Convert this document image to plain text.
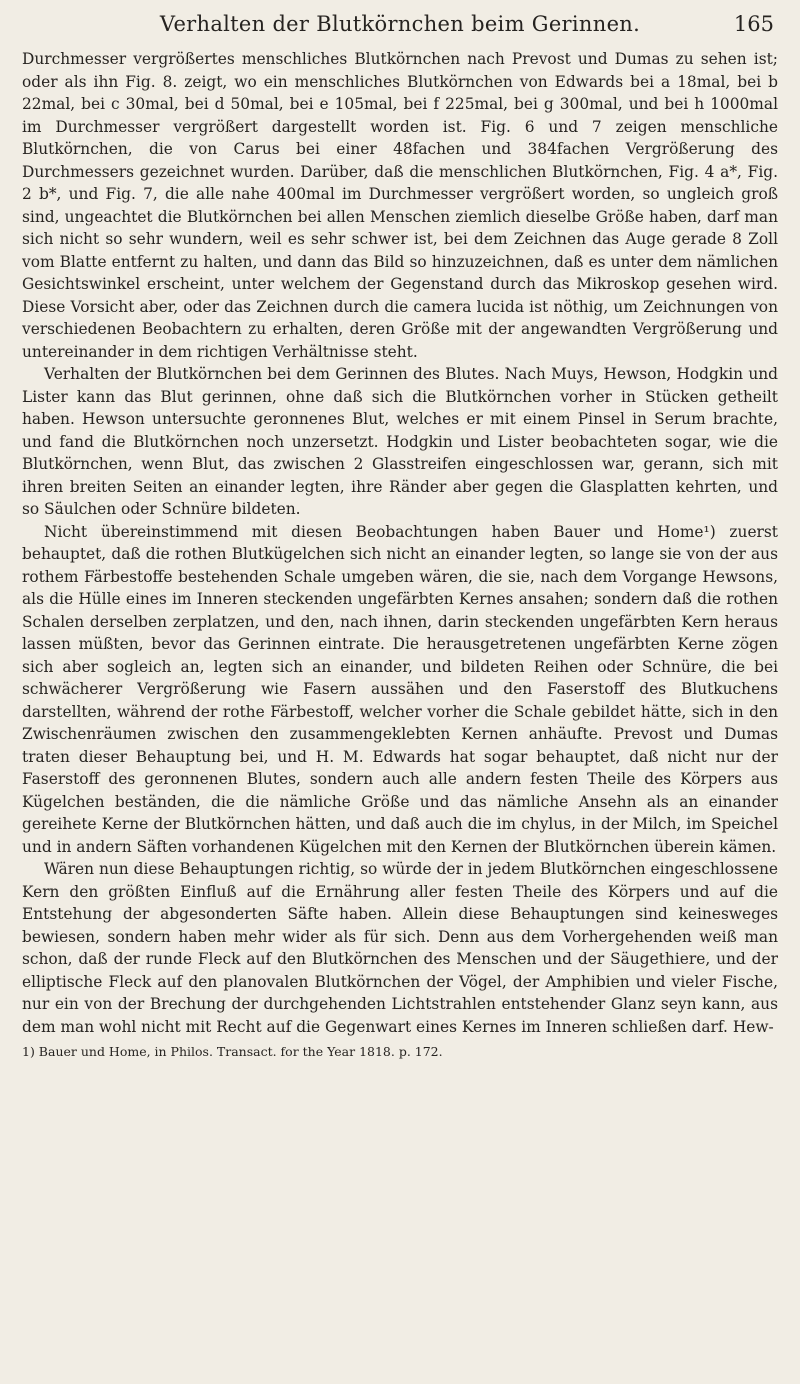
Verhalten der Blutkörnchen beim Gerinnen.	165

Durchmesser vergrößertes menschliches Blutkörnchen nach Prevost und Dumas zu sehen ist; oder als ihn Fig. 8. zeigt, wo ein menschliches Blutkörnchen von Edwards bei a 18mal, bei b 22mal, bei c 30mal, bei d 50mal, bei e 105mal, bei f 225mal, bei g 300mal, und bei h 1000mal im Durchmesser vergrößert dargestellt worden ist. Fig. 6 und 7 zeigen menschliche Blutkörnchen, die von Carus bei einer 48fachen und 384fachen Vergrößerung des Durchmessers gezeichnet wurden. Darüber, daß die menschlichen Blutkörnchen, Fig. 4 a*, Fig. 2 b*, und Fig. 7, die alle nahe 400mal im Durchmesser vergrößert worden, so ungleich groß sind, ungeachtet die Blutkörnchen bei allen Menschen ziemlich dieselbe Größe haben, darf man sich nicht so sehr wundern, weil es sehr schwer ist, bei dem Zeichnen das Auge gerade 8 Zoll vom Blatte entfernt zu halten, und dann das Bild so hinzuzeichnen, daß es unter dem nämlichen Gesichtswinkel erscheint, unter welchem der Gegenstand durch das Mikroskop gesehen wird. Diese Vorsicht aber, oder das Zeichnen durch die camera lucida ist nöthig, um Zeichnungen von verschiedenen Beobachtern zu erhalten, deren Größe mit der angewandten Vergrößerung und untereinander in dem richtigen Verhältnisse steht.

Verhalten der Blutkörnchen bei dem Gerinnen des Blutes. Nach Muys, Hewson, Hodgkin und Lister kann das Blut gerinnen, ohne daß sich die Blutkörnchen vorher in Stücken getheilt haben. Hewson untersuchte geronnenes Blut, welches er mit einem Pinsel in Serum brachte, und fand die Blutkörnchen noch unzersetzt. Hodgkin und Lister beobachteten sogar, wie die Blutkörnchen, wenn Blut, das zwischen 2 Glasstreifen eingeschlossen war, gerann, sich mit ihren breiten Seiten an einander legten, ihre Ränder aber gegen die Glasplatten kehrten, und so Säulchen oder Schnüre bildeten.

Nicht übereinstimmend mit diesen Beobachtungen haben Bauer und Home¹) zuerst behauptet, daß die rothen Blutkügelchen sich nicht an einander legten, so lange sie von der aus rothem Färbestoffe bestehenden Schale umgeben wären, die sie, nach dem Vorgange Hewsons, als die Hülle eines im Inneren steckenden ungefärbten Kernes ansahen; sondern daß die rothen Schalen derselben zerplatzen, und den, nach ihnen, darin steckenden ungefärbten Kern heraus lassen müßten, bevor das Gerinnen eintrate. Die herausgetretenen ungefärbten Kerne zögen sich aber sogleich an, legten sich an einander, und bildeten Reihen oder Schnüre, die bei schwächerer Vergrößerung wie Fasern aussähen und den Faserstoff des Blutkuchens darstellten, während der rothe Färbestoff, welcher vorher die Schale gebildet hätte, sich in den Zwischenräumen zwischen den zusammengeklebten Kernen anhäufte. Prevost und Dumas traten dieser Behauptung bei, und H. M. Edwards hat sogar behauptet, daß nicht nur der Faserstoff des geronnenen Blutes, sondern auch alle andern festen Theile des Körpers aus Kügelchen beständen, die die nämliche Größe und das nämliche Ansehn als an einander gereihete Kerne der Blutkörnchen hätten, und daß auch die im chylus, in der Milch, im Speichel und in andern Säften vorhandenen Kügelchen mit den Kernen der Blutkörnchen überein kämen.

Wären nun diese Behauptungen richtig, so würde der in jedem Blutkörnchen eingeschlossene Kern den größten Einfluß auf die Ernährung aller festen Theile des Körpers und auf die Entstehung der abgesonderten Säfte haben. Allein diese Behauptungen sind keinesweges bewiesen, sondern haben mehr wider als für sich. Denn aus dem Vorhergehenden weiß man schon, daß der runde Fleck auf den Blutkörnchen des Menschen und der Säugethiere, und der elliptische Fleck auf den planovalen Blutkörnchen der Vögel, der Amphibien und vieler Fische, nur ein von der Brechung der durchgehenden Lichtstrahlen entstehender Glanz seyn kann, aus dem man wohl nicht mit Recht auf die Gegenwart eines Kernes im Inneren schließen darf. Hew-

1) Bauer und Home, in Philos. Transact. for the Year 1818. p. 172.
